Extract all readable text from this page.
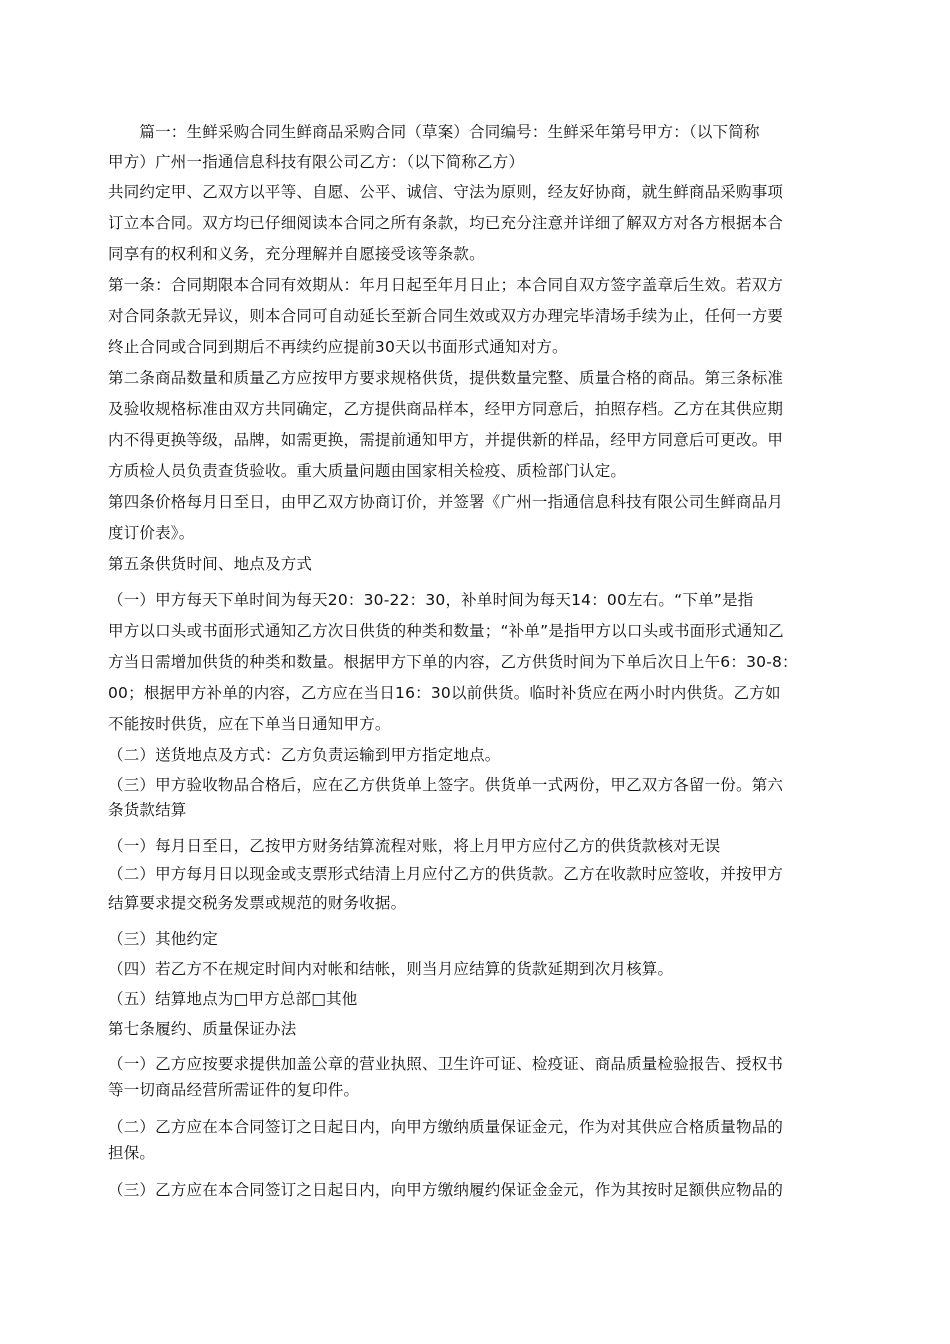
　　篇一：生鲜采购合同生鲜商品采购合同（草案）合同编号：生鲜采年第号甲方：（以下简称
甲方）广州一指通信息科技有限公司乙方：（以下简称乙方）
共同约定甲、乙双方以平等、自愿、公平、诚信、守法为原则，经友好协商，就生鲜商品采购事项
订立本合同。双方均已仔细阅读本合同之所有条款，均已充分注意并详细了解双方对各方根据本合
同享有的权利和义务，充分理解并自愿接受该等条款。
第一条：合同期限本合同有效期从：年月日起至年月日止；本合同自双方签字盖章后生效。若双方
对合同条款无异议，则本合同可自动延长至新合同生效或双方办理完毕清场手续为止，任何一方要
终止合同或合同到期后不再续约应提前30天以书面形式通知对方。
第二条商品数量和质量乙方应按甲方要求规格供货，提供数量完整、质量合格的商品。第三条标准
及验收规格标准由双方共同确定，乙方提供商品样本，经甲方同意后，拍照存档。乙方在其供应期
内不得更换等级，品牌，如需更换，需提前通知甲方，并提供新的样品，经甲方同意后可更改。甲
方质检人员负责查货验收。重大质量问题由国家相关检疫、质检部门认定。
第四条价格每月日至日，由甲乙双方协商订价，并签署《广州一指通信息科技有限公司生鲜商品月
度订价表》。
第五条供货时间、地点及方式
（一）甲方每天下单时间为每天20：30-22：30，补单时间为每天14：00左右。“下单”是指
甲方以口头或书面形式通知乙方次日供货的种类和数量；“补单”是指甲方以口头或书面形式通知乙
方当日需增加供货的种类和数量。根据甲方下单的内容，乙方供货时间为下单后次日上午6：30-8：
00；根据甲方补单的内容，乙方应在当日16：30以前供货。临时补货应在两小时内供货。乙方如
不能按时供货，应在下单当日通知甲方。
（二）送货地点及方式：乙方负责运输到甲方指定地点。
（三）甲方验收物品合格后，应在乙方供货单上签字。供货单一式两份，甲乙双方各留一份。第六
条货款结算
（一）每月日至日，乙按甲方财务结算流程对账，将上月甲方应付乙方的供货款核对无误
（二）甲方每月日以现金或支票形式结清上月应付乙方的供货款。乙方在收款时应签收，并按甲方
结算要求提交税务发票或规范的财务收据。
（三）其他约定
（四）若乙方不在规定时间内对帐和结帐，则当月应结算的货款延期到次月核算。
（五）结算地点为□甲方总部□其他
第七条履约、质量保证办法
（一）乙方应按要求提供加盖公章的营业执照、卫生许可证、检疫证、商品质量检验报告、授权书
等一切商品经营所需证件的复印件。
（二）乙方应在本合同签订之日起日内，向甲方缴纳质量保证金元，作为对其供应合格质量物品的
担保。
（三）乙方应在本合同签订之日起日内，向甲方缴纳履约保证金金元，作为其按时足额供应物品的
